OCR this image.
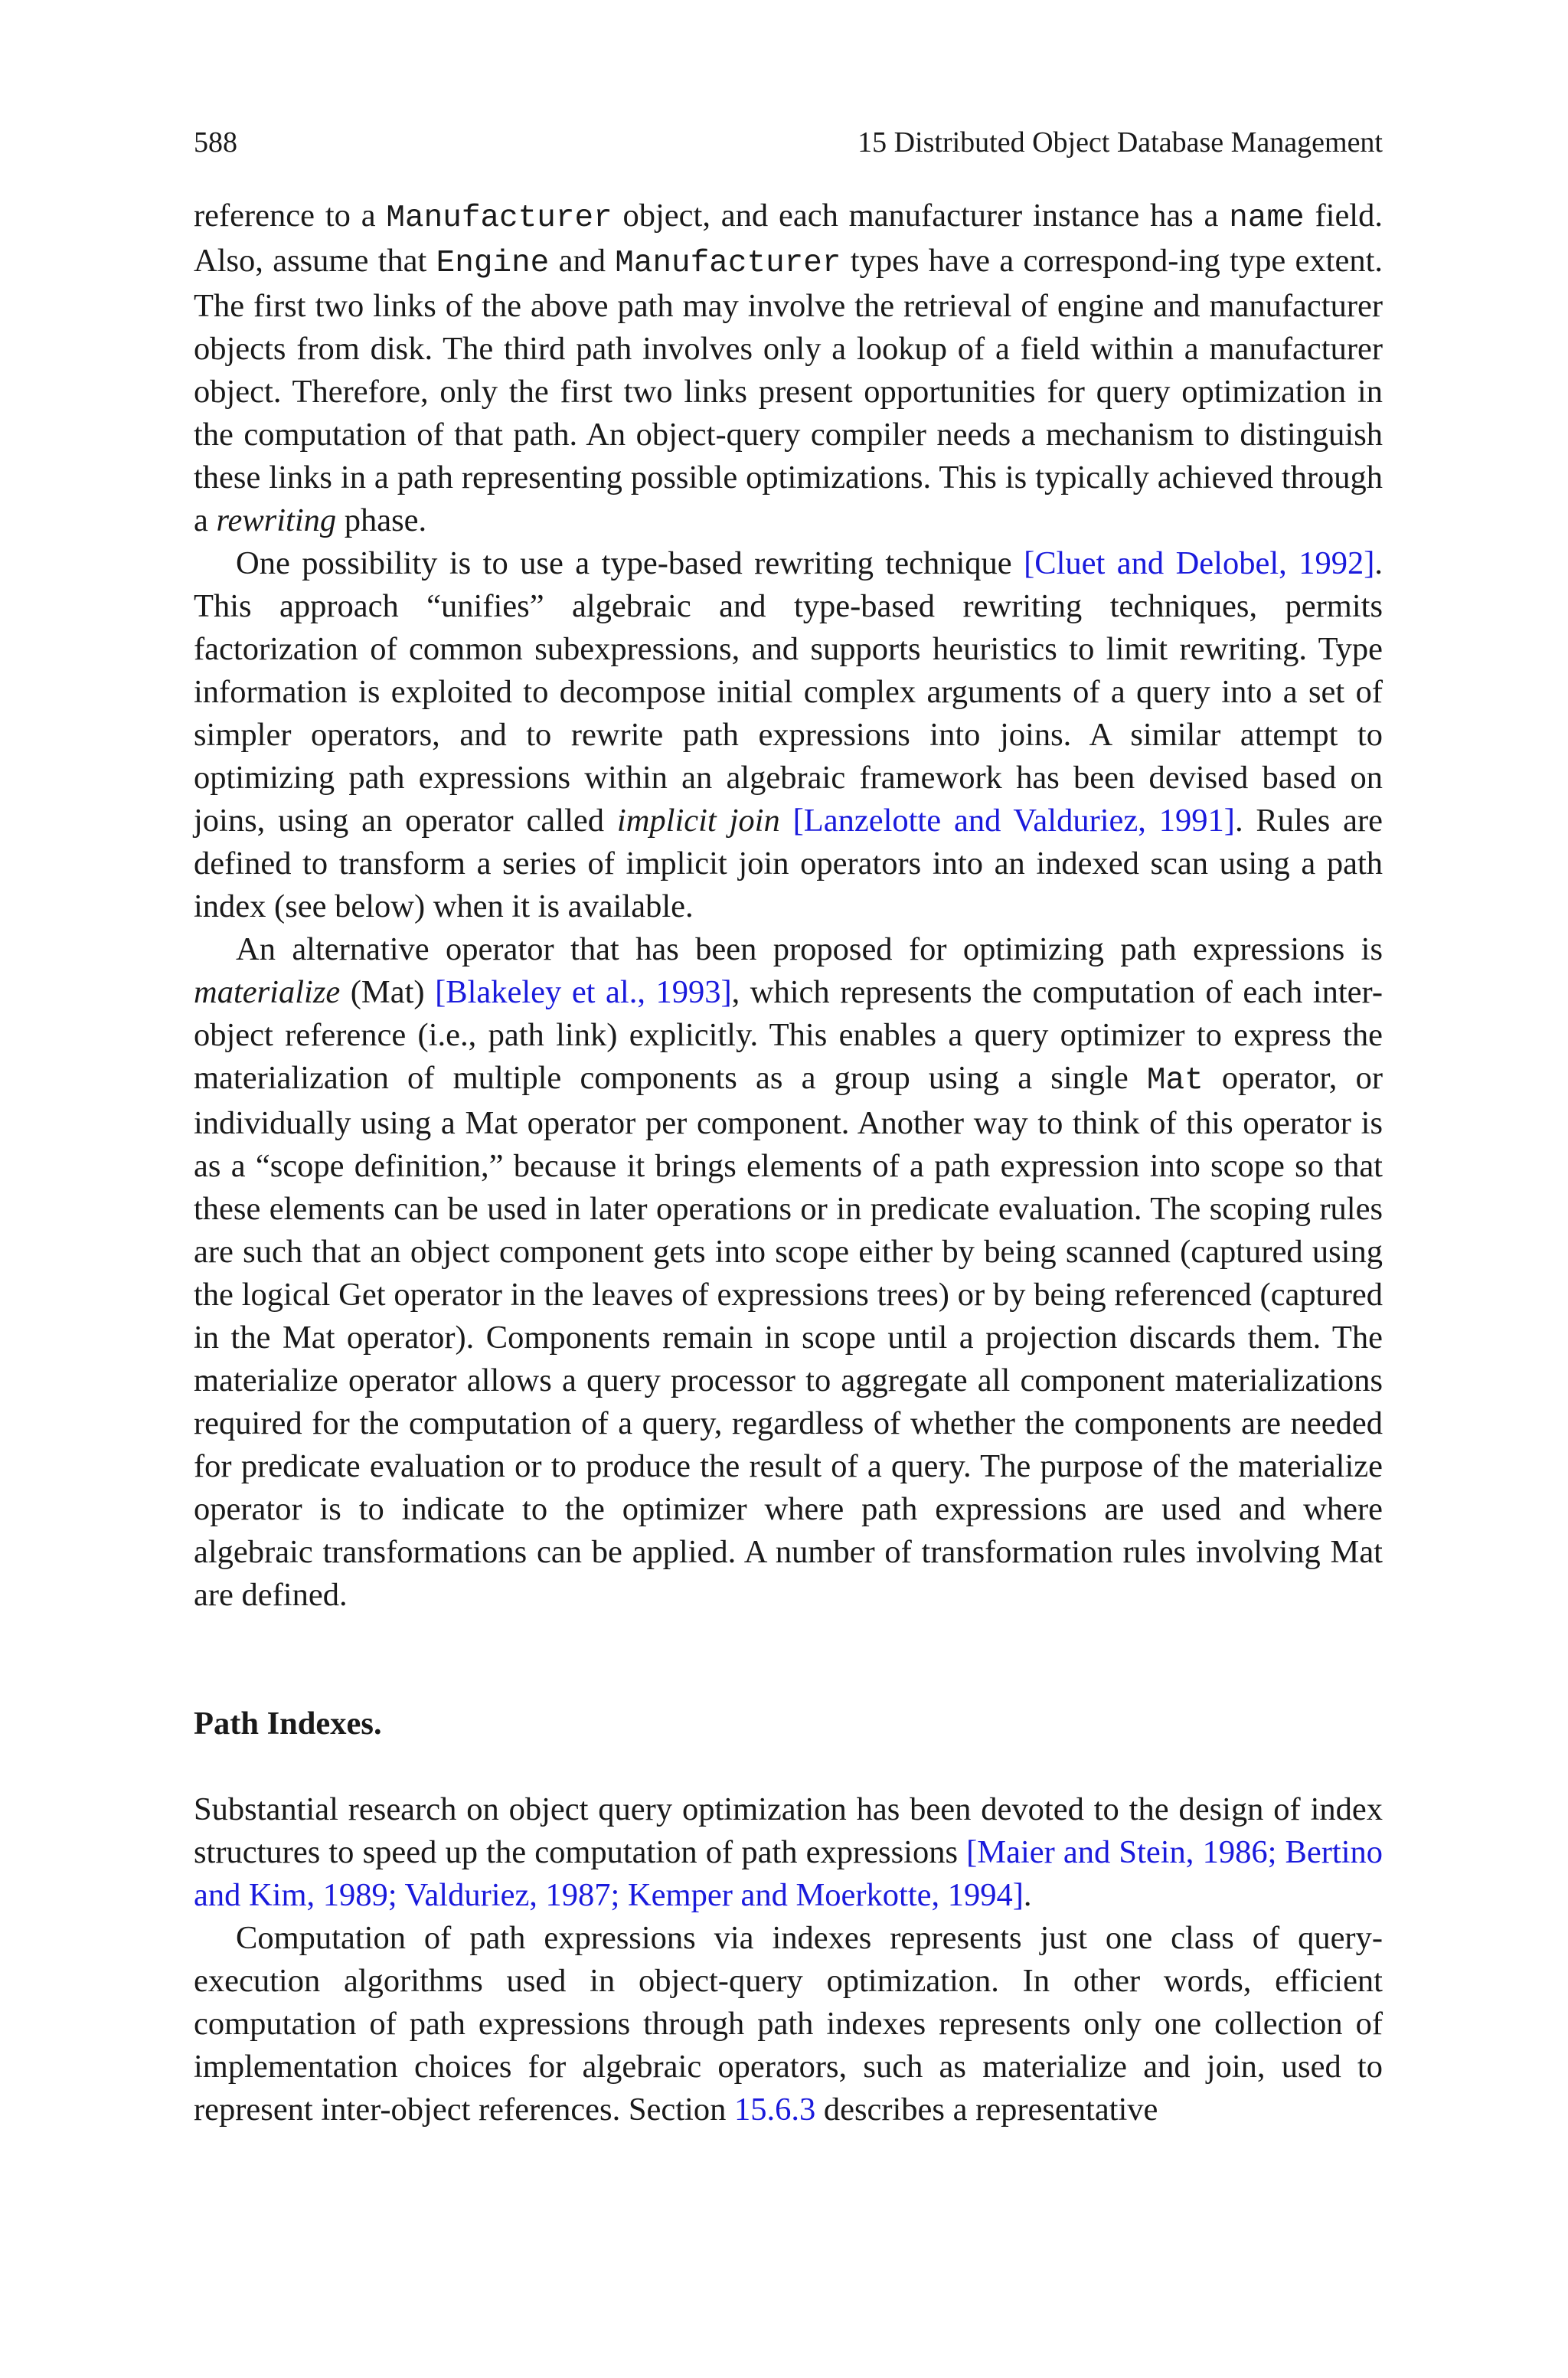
588	15 Distributed Object Database Management

reference to a Manufacturer object, and each manufacturer instance has a name field. Also, assume that Engine and Manufacturer types have a correspond-ing type extent. The first two links of the above path may involve the retrieval of engine and manufacturer objects from disk. The third path involves only a lookup of a field within a manufacturer object. Therefore, only the first two links present opportunities for query optimization in the computation of that path. An object-query compiler needs a mechanism to distinguish these links in a path representing possible optimizations. This is typically achieved through a rewriting phase.

One possibility is to use a type-based rewriting technique [Cluet and Delobel, 1992]. This approach “unifies” algebraic and type-based rewriting techniques, permits factorization of common subexpressions, and supports heuristics to limit rewriting. Type information is exploited to decompose initial complex arguments of a query into a set of simpler operators, and to rewrite path expressions into joins. A similar attempt to optimizing path expressions within an algebraic framework has been devised based on joins, using an operator called implicit join [Lanzelotte and Valduriez, 1991]. Rules are defined to transform a series of implicit join operators into an indexed scan using a path index (see below) when it is available.

An alternative operator that has been proposed for optimizing path expressions is materialize (Mat) [Blakeley et al., 1993], which represents the computation of each inter-object reference (i.e., path link) explicitly. This enables a query optimizer to express the materialization of multiple components as a group using a single Mat operator, or individually using a Mat operator per component. Another way to think of this operator is as a “scope definition,” because it brings elements of a path expression into scope so that these elements can be used in later operations or in predicate evaluation. The scoping rules are such that an object component gets into scope either by being scanned (captured using the logical Get operator in the leaves of expressions trees) or by being referenced (captured in the Mat operator). Components remain in scope until a projection discards them. The materialize operator allows a query processor to aggregate all component materializations required for the computation of a query, regardless of whether the components are needed for predicate evaluation or to produce the result of a query. The purpose of the materialize operator is to indicate to the optimizer where path expressions are used and where algebraic transformations can be applied. A number of transformation rules involving Mat are defined.

Path Indexes.

Substantial research on object query optimization has been devoted to the design of index structures to speed up the computation of path expressions [Maier and Stein, 1986; Bertino and Kim, 1989; Valduriez, 1987; Kemper and Moerkotte, 1994].

Computation of path expressions via indexes represents just one class of query-execution algorithms used in object-query optimization. In other words, efficient computation of path expressions through path indexes represents only one collection of implementation choices for algebraic operators, such as materialize and join, used to represent inter-object references. Section 15.6.3 describes a representative
